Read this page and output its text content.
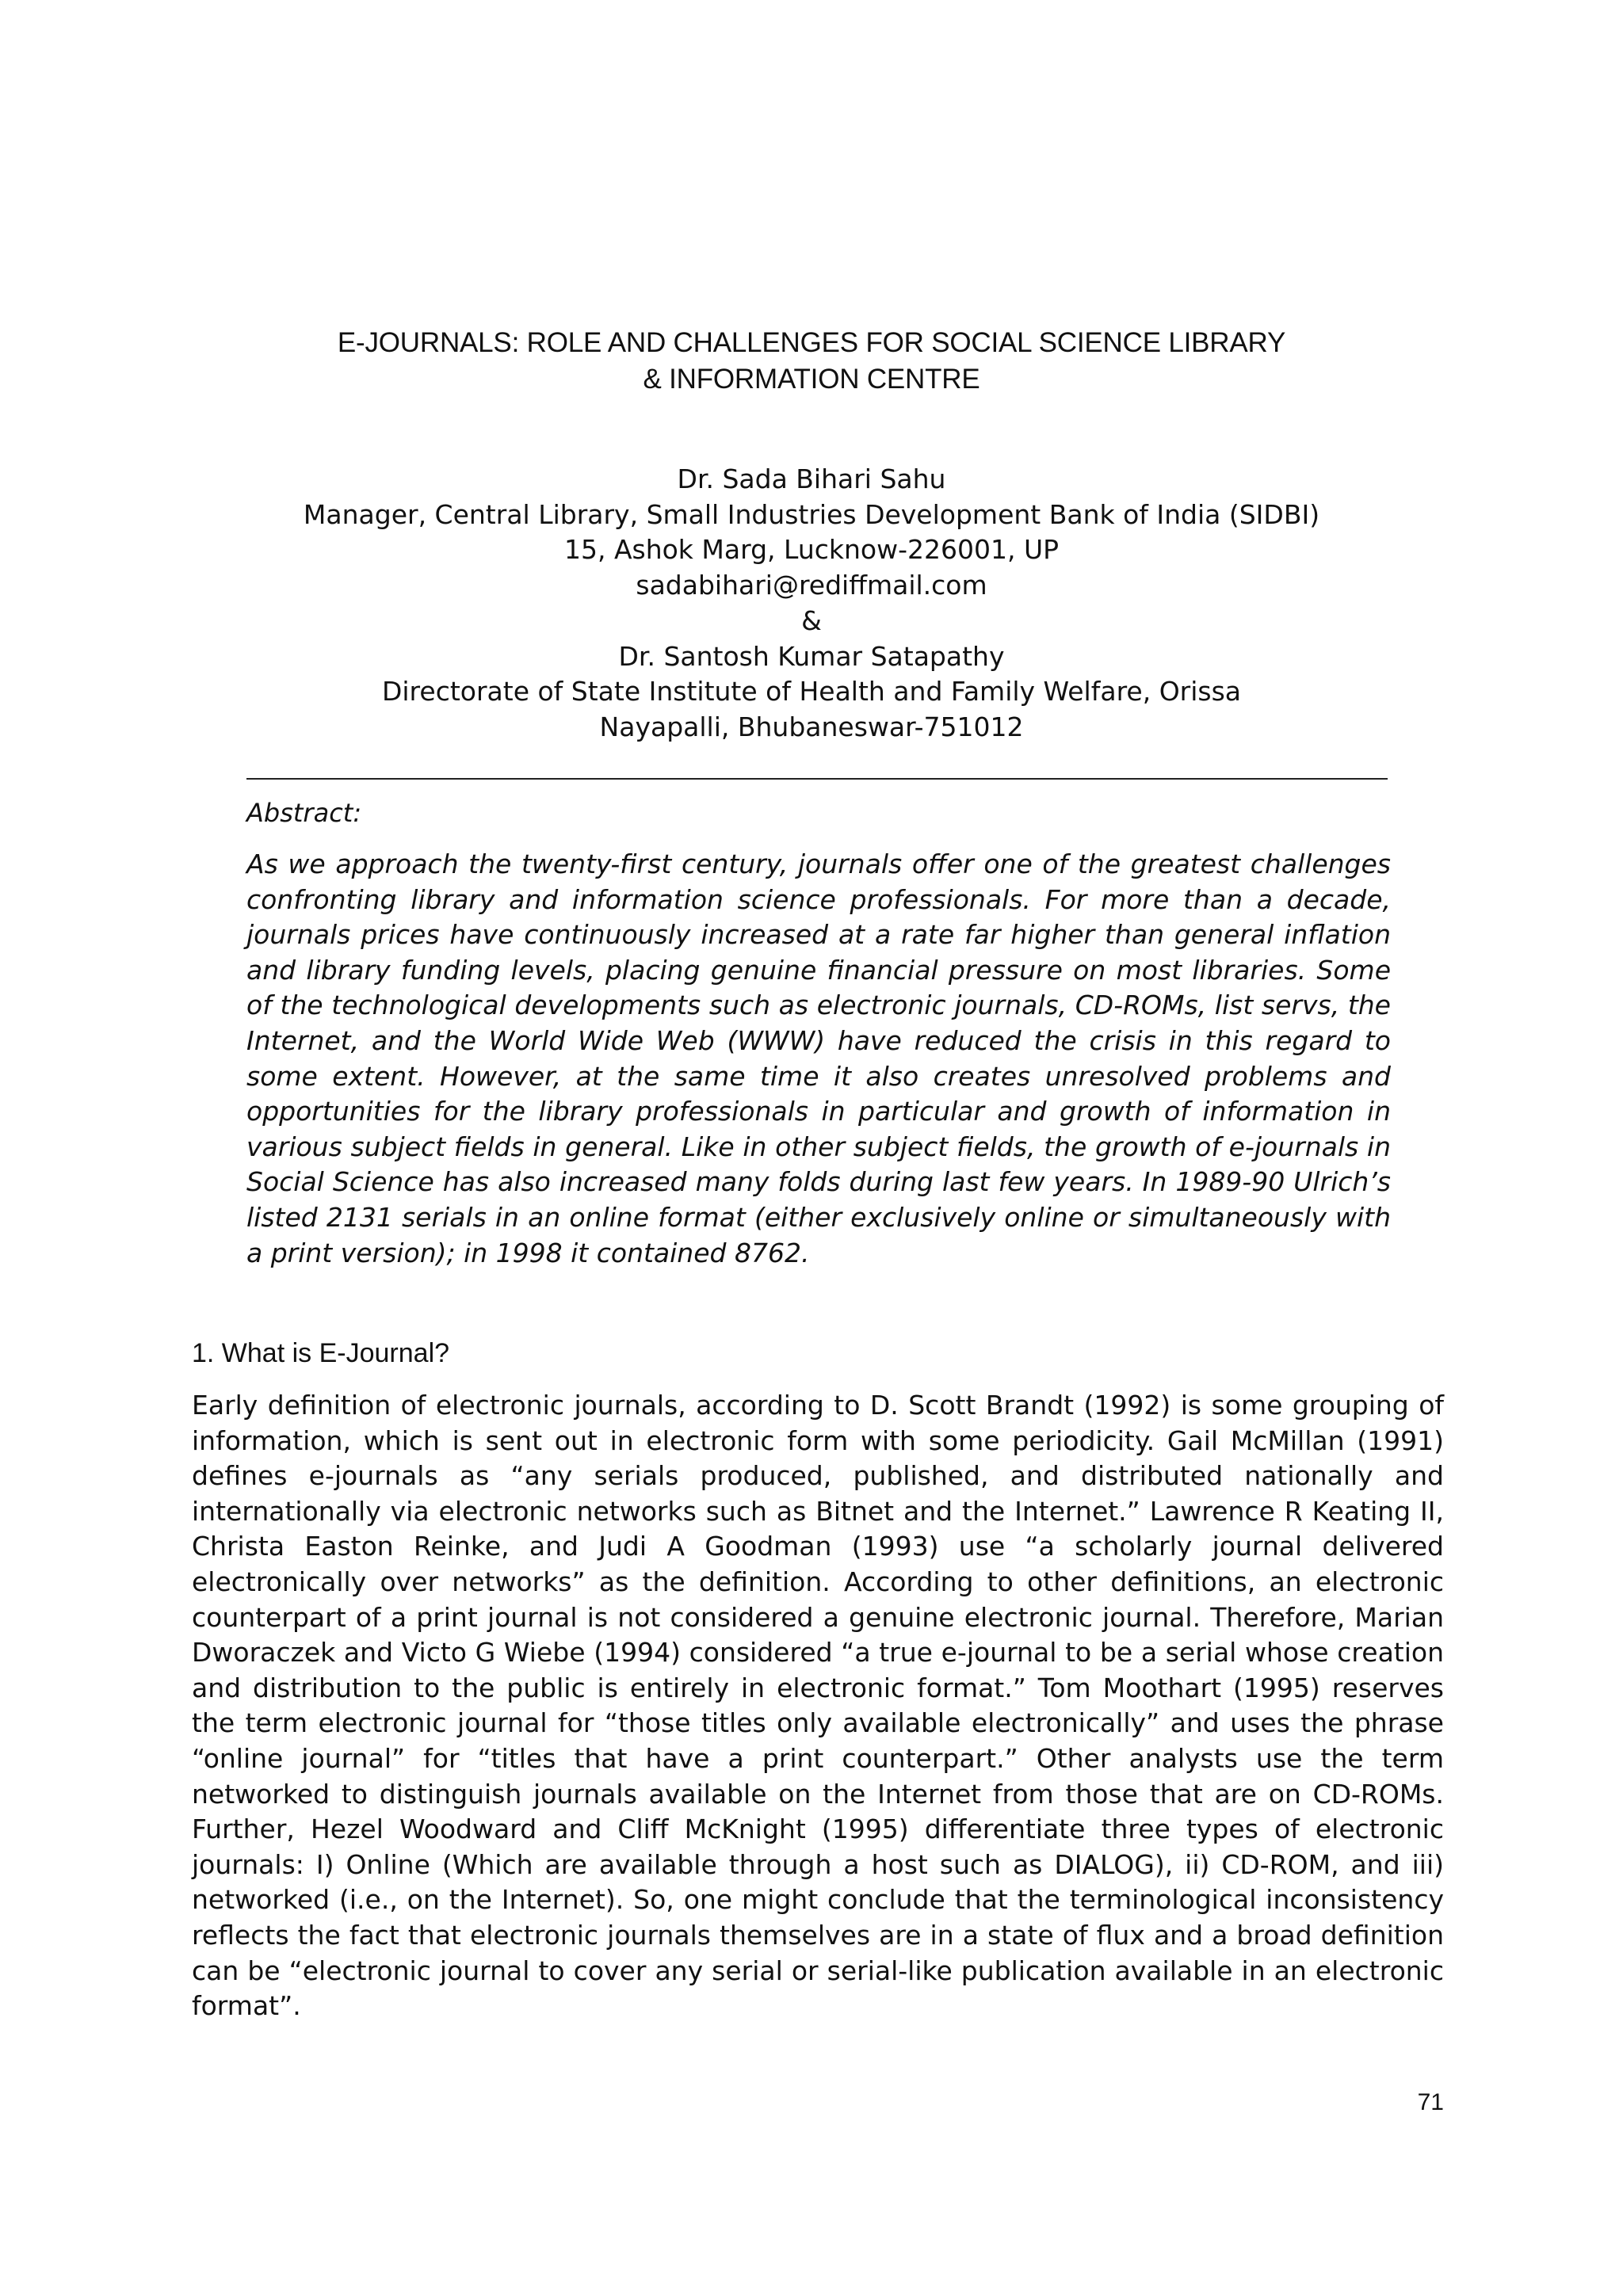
E-JOURNALS: ROLE AND CHALLENGES FOR SOCIAL SCIENCE LIBRARY
& INFORMATION CENTRE
Dr. Sada Bihari Sahu
Manager, Central Library, Small Industries Development Bank of India (SIDBI)
15, Ashok Marg, Lucknow-226001, UP
sadabihari@rediffmail.com
&
Dr. Santosh Kumar Satapathy
Directorate of State Institute of Health and Family Welfare, Orissa
Nayapalli, Bhubaneswar-751012
Abstract:

As we approach the twenty-first century, journals offer one of the greatest challenges confronting library and information science professionals. For more than a decade, journals prices have continuously increased at a rate far higher than general inflation and library funding levels, placing genuine financial pressure on most libraries. Some of the technological developments such as electronic journals, CD-ROMs, list servs, the Internet, and the World Wide Web (WWW) have reduced the crisis in this regard to some extent. However, at the same time it also creates unresolved problems and opportunities for the library professionals in particular and growth of information in various subject fields in general. Like in other subject fields, the growth of e-journals in Social Science has also increased many folds during last few years. In 1989-90 Ulrich’s listed 2131 serials in an online format (either exclusively online or simultaneously with a print version); in 1998 it contained 8762.

1. What is E-Journal?

Early definition of electronic journals, according to D. Scott Brandt (1992) is some grouping of information, which is sent out in electronic form with some periodicity. Gail McMillan (1991) defines e-journals as “any serials produced, published, and distributed nationally and internationally via electronic networks such as Bitnet and the Internet.” Lawrence R Keating II, Christa Easton Reinke, and Judi A Goodman (1993) use “a scholarly journal delivered electronically over networks” as the definition. According to other definitions, an electronic counterpart of a print journal is not considered a genuine electronic journal. Therefore, Marian Dworaczek and Victo G Wiebe (1994) considered “a true e-journal to be a serial whose creation and distribution to the public is entirely in electronic format.” Tom Moothart (1995) reserves the term electronic journal for “those titles only available electronically” and uses the phrase “online journal” for “titles that have a print counterpart.” Other analysts use the term networked to distinguish journals available on the Internet from those that are on CD-ROMs. Further, Hezel Woodward and Cliff McKnight (1995) differentiate three types of electronic journals: I) Online (Which are available through a host such as DIALOG), ii) CD-ROM, and iii) networked (i.e., on the Internet). So, one might conclude that the terminological inconsistency reflects the fact that electronic journals themselves are in a state of flux and a broad definition can be “electronic journal to cover any serial or serial-like publication available in an electronic format”.

71
